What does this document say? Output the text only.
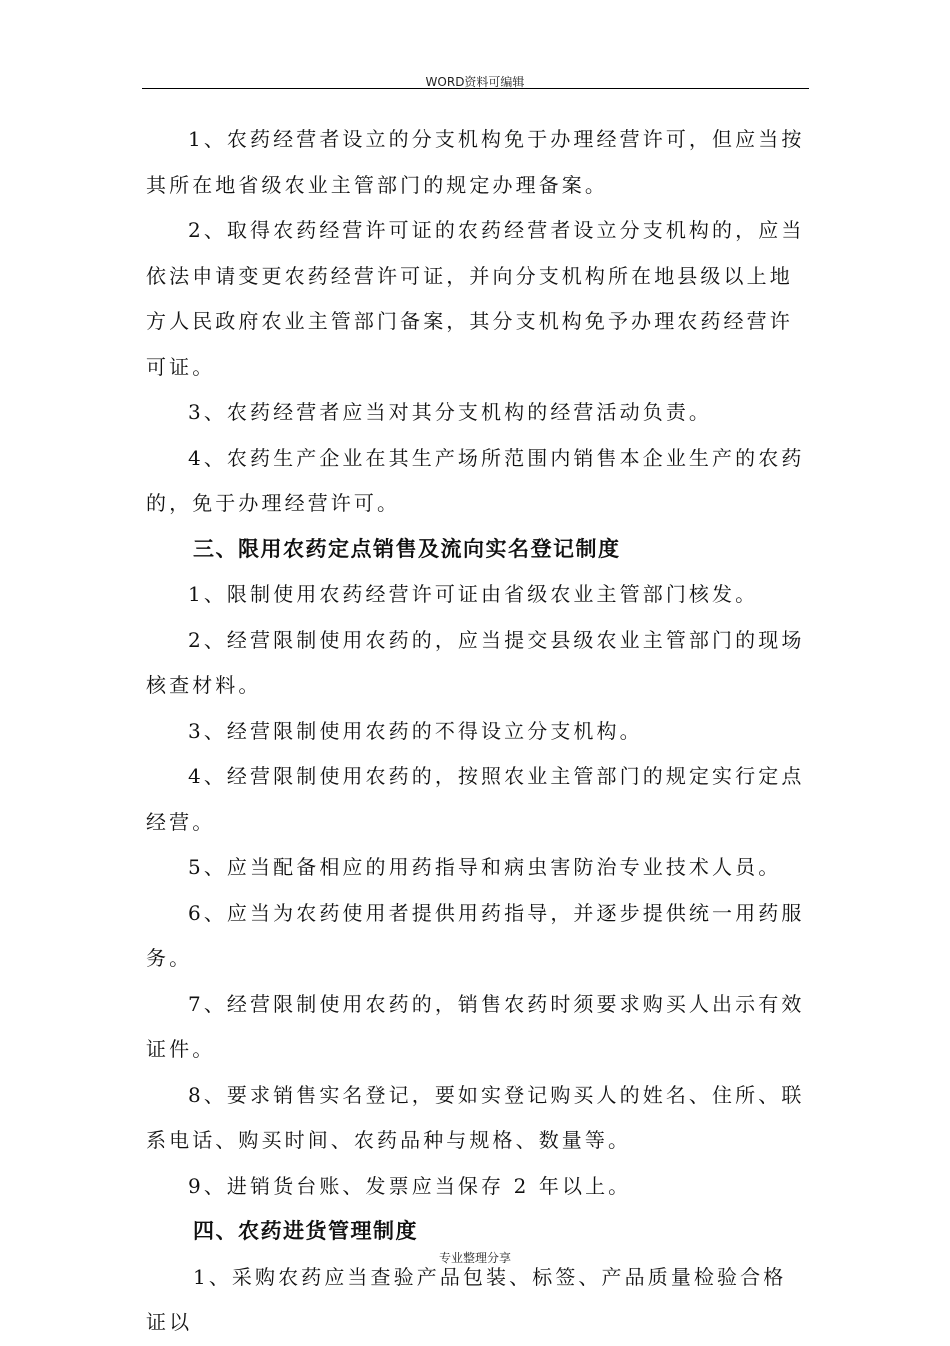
WORD资料可编辑

1、农药经营者设立的分支机构免于办理经营许可，但应当按其所在地省级农业主管部门的规定办理备案。

2、取得农药经营许可证的农药经营者设立分支机构的，应当依法申请变更农药经营许可证，并向分支机构所在地县级以上地方人民政府农业主管部门备案，其分支机构免予办理农药经营许可证。

3、农药经营者应当对其分支机构的经营活动负责。

4、农药生产企业在其生产场所范围内销售本企业生产的农药的，免于办理经营许可。

三、限用农药定点销售及流向实名登记制度

1、限制使用农药经营许可证由省级农业主管部门核发。

2、经营限制使用农药的，应当提交县级农业主管部门的现场核查材料。

3、经营限制使用农药的不得设立分支机构。

4、经营限制使用农药的，按照农业主管部门的规定实行定点经营。

5、应当配备相应的用药指导和病虫害防治专业技术人员。

6、应当为农药使用者提供用药指导，并逐步提供统一用药服务。

7、经营限制使用农药的，销售农药时须要求购买人出示有效证件。

8、要求销售实名登记，要如实登记购买人的姓名、住所、联系电话、购买时间、农药品种与规格、数量等。

9、进销货台账、发票应当保存 2 年以上。

四、农药进货管理制度

1、采购农药应当查验产品包装、标签、产品质量检验合格证以

专业整理分享
